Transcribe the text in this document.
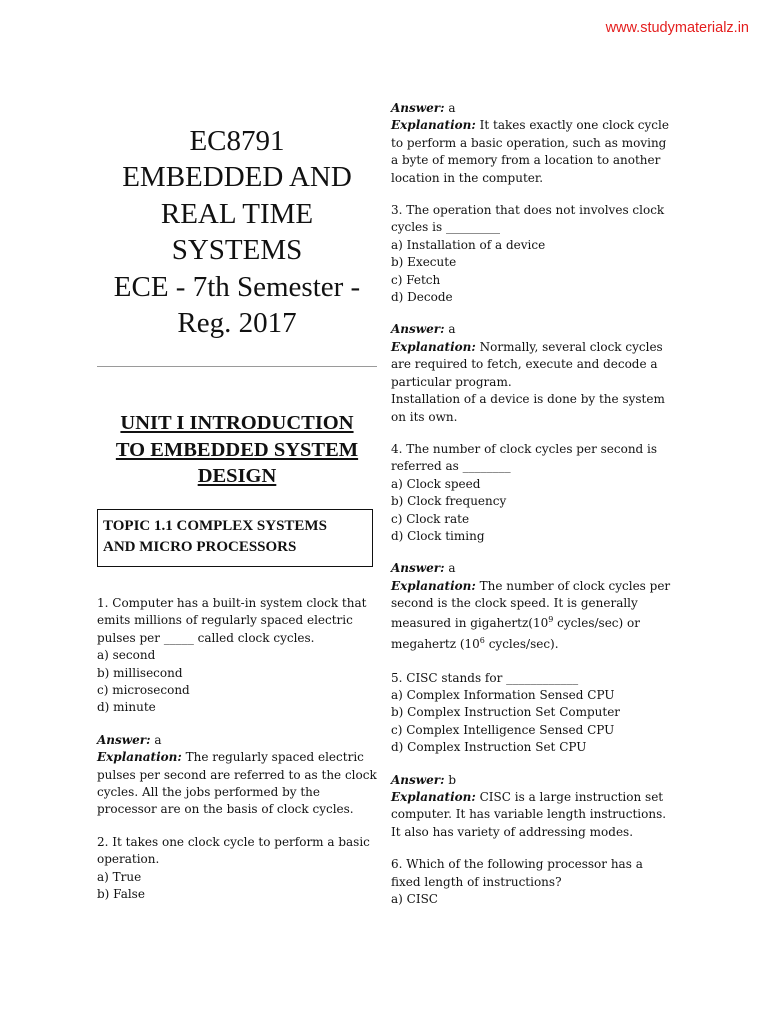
www.studymaterialz.in
EC8791
EMBEDDED AND
REAL TIME
SYSTEMS
ECE - 7th Semester -
Reg. 2017
UNIT I INTRODUCTION
TO EMBEDDED SYSTEM
DESIGN
TOPIC 1.1 COMPLEX SYSTEMS
AND MICRO PROCESSORS
1. Computer has a built-in system clock that
emits millions of regularly spaced electric
pulses per _____ called clock cycles.
a) second
b) millisecond
c) microsecond
d) minute
Answer: a
Explanation: The regularly spaced electric
pulses per second are referred to as the clock
cycles. All the jobs performed by the
processor are on the basis of clock cycles.
2. It takes one clock cycle to perform a basic
operation.
a) True
b) False
Answer: a
Explanation: It takes exactly one clock cycle
to perform a basic operation, such as moving
a byte of memory from a location to another
location in the computer.
3. The operation that does not involves clock
cycles is _________
a) Installation of a device
b) Execute
c) Fetch
d) Decode
Answer: a
Explanation: Normally, several clock cycles
are required to fetch, execute and decode a
particular program.
Installation of a device is done by the system
on its own.
4. The number of clock cycles per second is
referred as ________
a) Clock speed
b) Clock frequency
c) Clock rate
d) Clock timing
Answer: a
Explanation: The number of clock cycles per
second is the clock speed. It is generally
measured in $gigahertz(10^9$ cycles/sec) or
megahertz ($10^6$ cycles/sec).
5. CISC stands for ____________
a) Complex Information Sensed CPU
b) Complex Instruction Set Computer
c) Complex Intelligence Sensed CPU
d) Complex Instruction Set CPU
Answer: b
Explanation: CISC is a large instruction set
computer. It has variable length instructions.
It also has variety of addressing modes.
6. Which of the following processor has a
fixed length of instructions?
a) CISC
